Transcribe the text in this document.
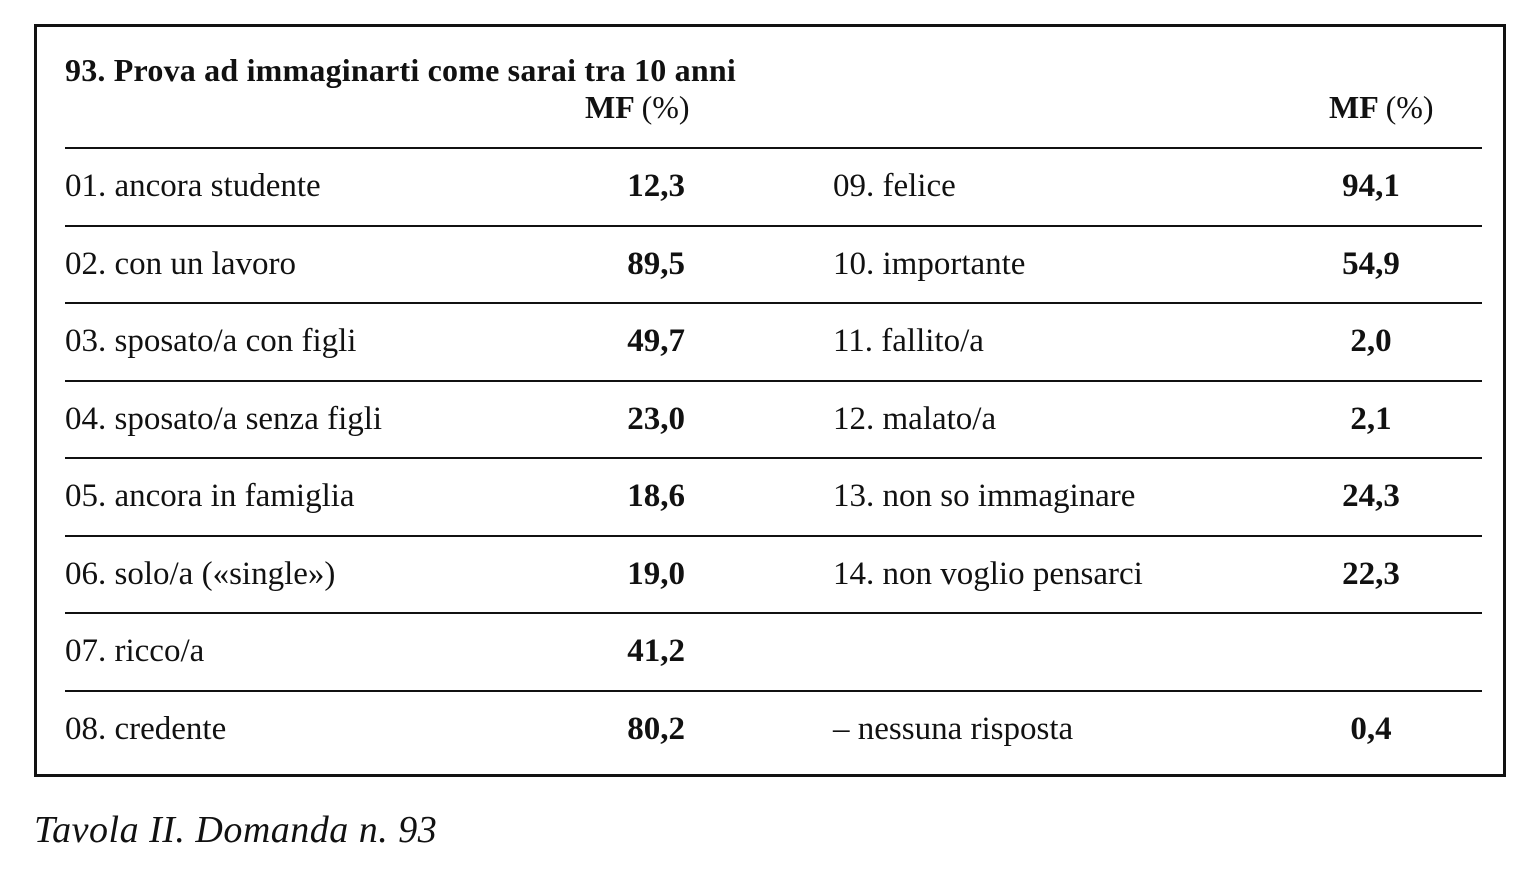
93. Prova ad immaginarti come sarai tra 10 anni
MF (%)	MF (%)
01. ancora studente	12,3	09. felice	94,1
02. con un lavoro	89,5	10. importante	54,9
03. sposato/a con figli	49,7	11. fallito/a	2,0
04. sposato/a senza figli	23,0	12. malato/a	2,1
05. ancora in famiglia	18,6	13. non so immaginare	24,3
06. solo/a («single»)	19,0	14. non voglio pensarci	22,3
07. ricco/a	41,2
08. credente	80,2	– nessuna risposta	0,4
Tavola II. Domanda n. 93
